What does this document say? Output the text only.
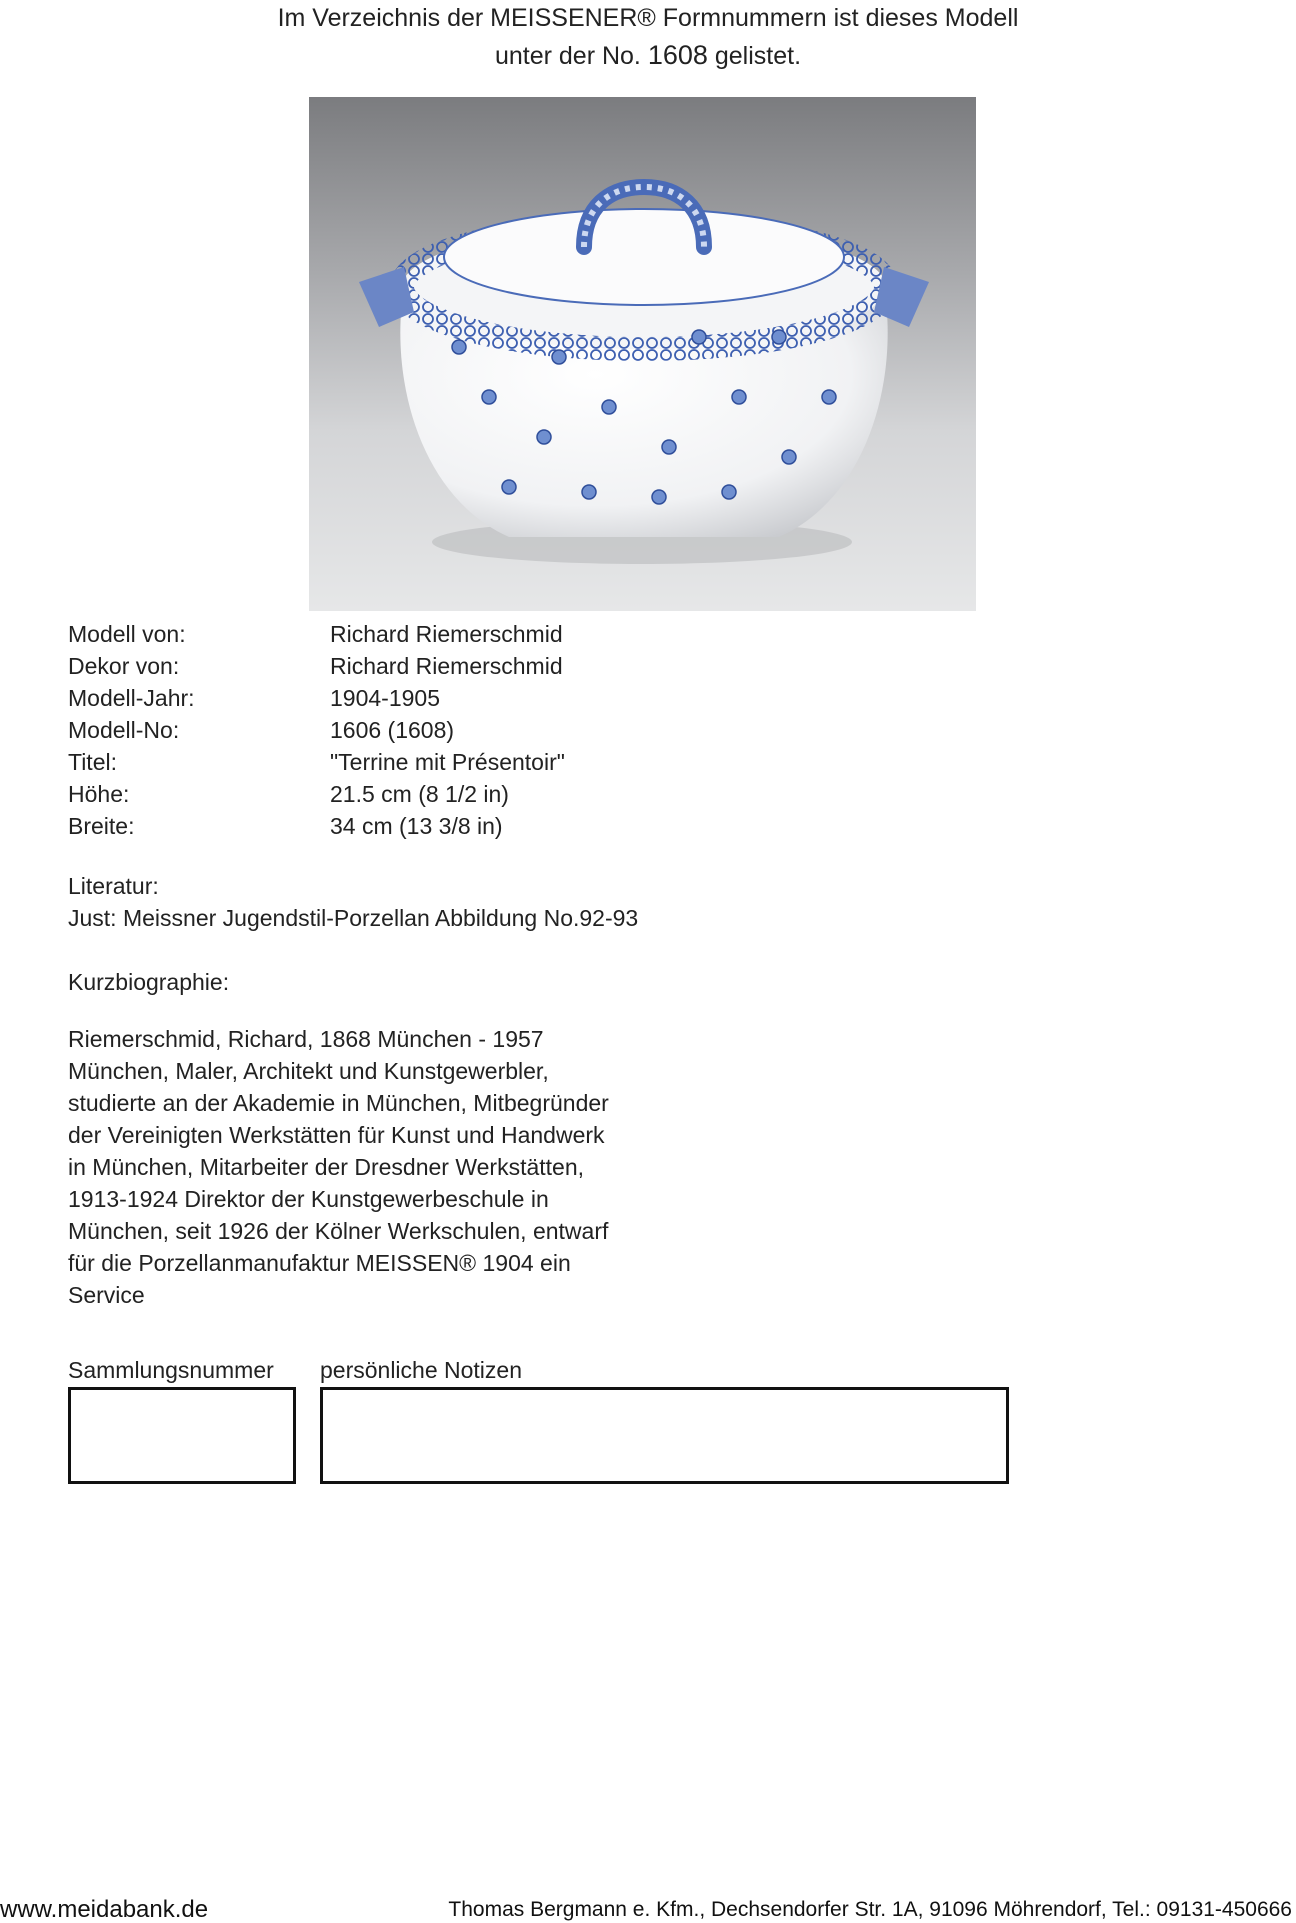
Im Verzeichnis der MEISSENER® Formnummern ist dieses Modell
unter der No. 1608 gelistet.
Modell von:	Richard Riemerschmid
Dekor von:	Richard Riemerschmid
Modell-Jahr:	1904-1905
Modell-No:	1606 (1608)
Titel:	"Terrine mit Présentoir"
Höhe:	21.5 cm (8 1/2 in)
Breite:	34 cm (13 3/8 in)
Literatur:
Just: Meissner Jugendstil-Porzellan Abbildung No.92-93
Kurzbiographie:
Riemerschmid, Richard, 1868 München - 1957
München, Maler, Architekt und Kunstgewerbler,
studierte an der Akademie in München, Mitbegründer
der Vereinigten Werkstätten für Kunst und Handwerk
in München, Mitarbeiter der Dresdner Werkstätten,
1913-1924 Direktor der Kunstgewerbeschule in
München, seit 1926 der Kölner Werkschulen, entwarf
für die Porzellanmanufaktur MEISSEN® 1904 ein
Service
Sammlungsnummer persönliche Notizen
www.meidabank.de	Thomas Bergmann e. Kfm., Dechsendorfer Str. 1A, 91096 Möhrendorf, Tel.: 09131-450666
